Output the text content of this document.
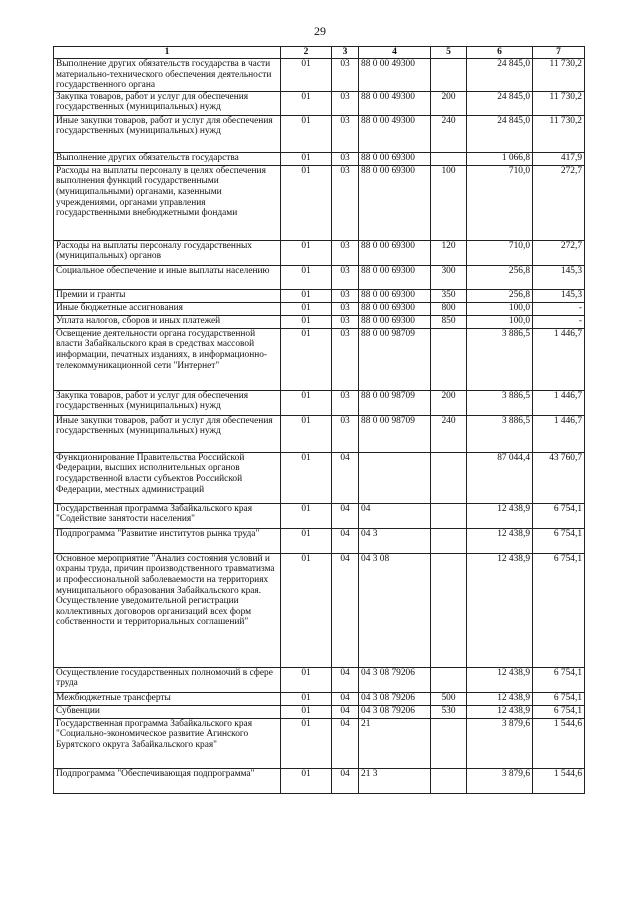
29
1	2	3	4	5	6	7
Выполнение других обязательств государства в части материально-технического обеспечения деятельности государственного органа	01	03	88 0 00 49300		24 845,0	11 730,2
Закупка товаров, работ и услуг для обеспечения государственных (муниципальных) нужд	01	03	88 0 00 49300	200	24 845,0	11 730,2
Иные закупки товаров, работ и услуг для обеспечения государственных (муниципальных) нужд	01	03	88 0 00 49300	240	24 845,0	11 730,2
Выполнение других обязательств государства	01	03	88 0 00 69300		1 066,8	417,9
Расходы на выплаты персоналу в целях обеспечения выполнения функций государственными (муниципальными) органами, казенными учреждениями, органами управления государственными внебюджетными фондами	01	03	88 0 00 69300	100	710,0	272,7
Расходы на выплаты персоналу государственных (муниципальных) органов	01	03	88 0 00 69300	120	710,0	272,7
Социальное обеспечение и иные выплаты населению	01	03	88 0 00 69300	300	256,8	145,3
Премии и гранты	01	03	88 0 00 69300	350	256,8	145,3
Иные бюджетные ассигнования	01	03	88 0 00 69300	800	100,0	-
Уплата налогов, сборов и иных платежей	01	03	88 0 00 69300	850	100,0	-
Освещение деятельности органа государственной власти Забайкальского края в средствах массовой информации, печатных изданиях, в информационно-телекоммуникационной сети "Интернет"	01	03	88 0 00 98709		3 886,5	1 446,7
Закупка товаров, работ и услуг для обеспечения государственных (муниципальных) нужд	01	03	88 0 00 98709	200	3 886,5	1 446,7
Иные закупки товаров, работ и услуг для обеспечения государственных (муниципальных) нужд	01	03	88 0 00 98709	240	3 886,5	1 446,7
Функционирование Правительства Российской Федерации, высших исполнительных органов государственной власти субъектов Российской Федерации, местных администраций	01	04			87 044,4	43 760,7
Государственная программа Забайкальского края "Содействие занятости населения"	01	04	04		12 438,9	6 754,1
Подпрограмма "Развитие институтов рынка труда"	01	04	04 3		12 438,9	6 754,1
Основное мероприятие "Анализ состояния условий и охраны труда, причин производственного травматизма и профессиональной заболеваемости на территориях муниципального образования Забайкальского края. Осуществление уведомительной регистрации коллективных договоров организаций всех форм собственности и территориальных соглашений"	01	04	04 3 08		12 438,9	6 754,1
Осуществление государственных полномочий в сфере труда	01	04	04 3 08 79206		12 438,9	6 754,1
Межбюджетные трансферты	01	04	04 3 08 79206	500	12 438,9	6 754,1
Субвенции	01	04	04 3 08 79206	530	12 438,9	6 754,1
Государственная программа Забайкальского края "Социально-экономическое развитие Агинского Бурятского округа Забайкальского края"	01	04	21		3 879,6	1 544,6
Подпрограмма "Обеспечивающая подпрограмма"	01	04	21 3		3 879,6	1 544,6
